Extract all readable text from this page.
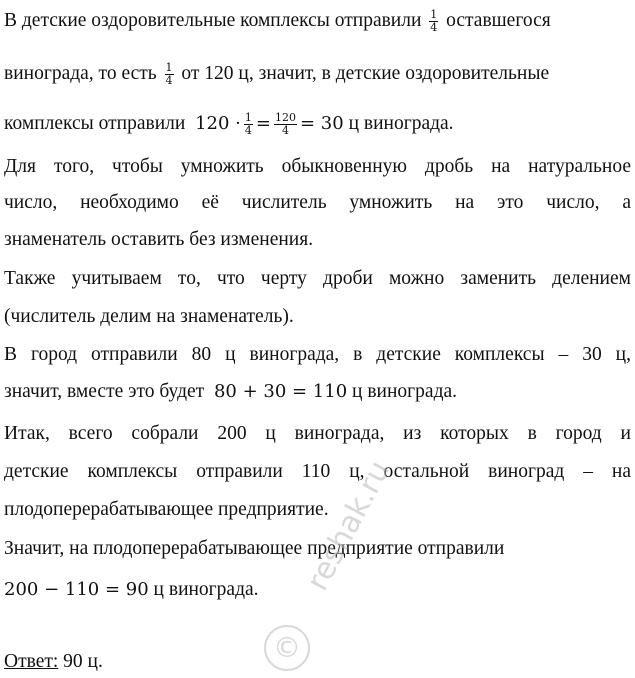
В детские оздоровительные комплексы отправили $\frac{1}{4}$ оставшегося
винограда, то есть $\frac{1}{4}$ от 120 ц, значит, в детские оздоровительные
комплексы отправили $120 \cdot \frac{1}{4} = \frac{120}{4} = 30$ ц винограда.
Для того, чтобы умножить обыкновенную дробь на натуральное
число, необходимо её числитель умножить на это число, а
знаменатель оставить без изменения.
Также учитываем то, что черту дроби можно заменить делением
(числитель делим на знаменатель).
В город отправили 80 ц винограда, в детские комплексы – 30 ц,
значит, вместе это будет 80 + 30 = 110 ц винограда.
Итак, всего собрали 200 ц винограда, из которых в город и
детские комплексы отправили 110 ц, остальной виноград – на
плодоперерабатывающее предприятие.
Значит, на плодоперерабатывающее предприятие отправили
200 − 110 = 90 ц винограда.
Ответ: 90 ц.
reshak.ru
©
